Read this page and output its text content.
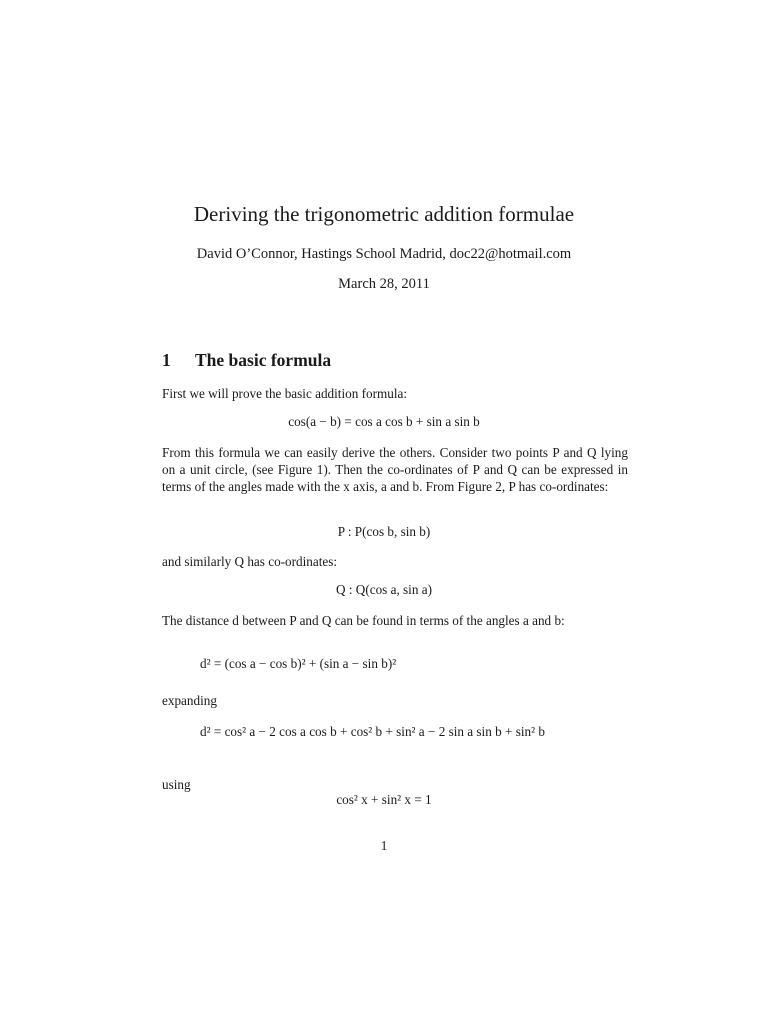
Deriving the trigonometric addition formulae
David O’Connor, Hastings School Madrid, doc22@hotmail.com
March 28, 2011
1 The basic formula
First we will prove the basic addition formula:
cos(a − b) = cos a cos b + sin a sin b
From this formula we can easily derive the others. Consider two points P and Q lying on a unit circle, (see Figure 1). Then the co-ordinates of P and Q can be expressed in terms of the angles made with the x axis, a and b. From Figure 2, P has co-ordinates:
P : P(cos b, sin b)
and similarly Q has co-ordinates:
Q : Q(cos a, sin a)
The distance d between P and Q can be found in terms of the angles a and b:
d² = (cos a − cos b)² + (sin a − sin b)²
expanding
d² = cos² a − 2 cos a cos b + cos² b + sin² a − 2 sin a sin b + sin² b
using
cos² x + sin² x = 1
1
